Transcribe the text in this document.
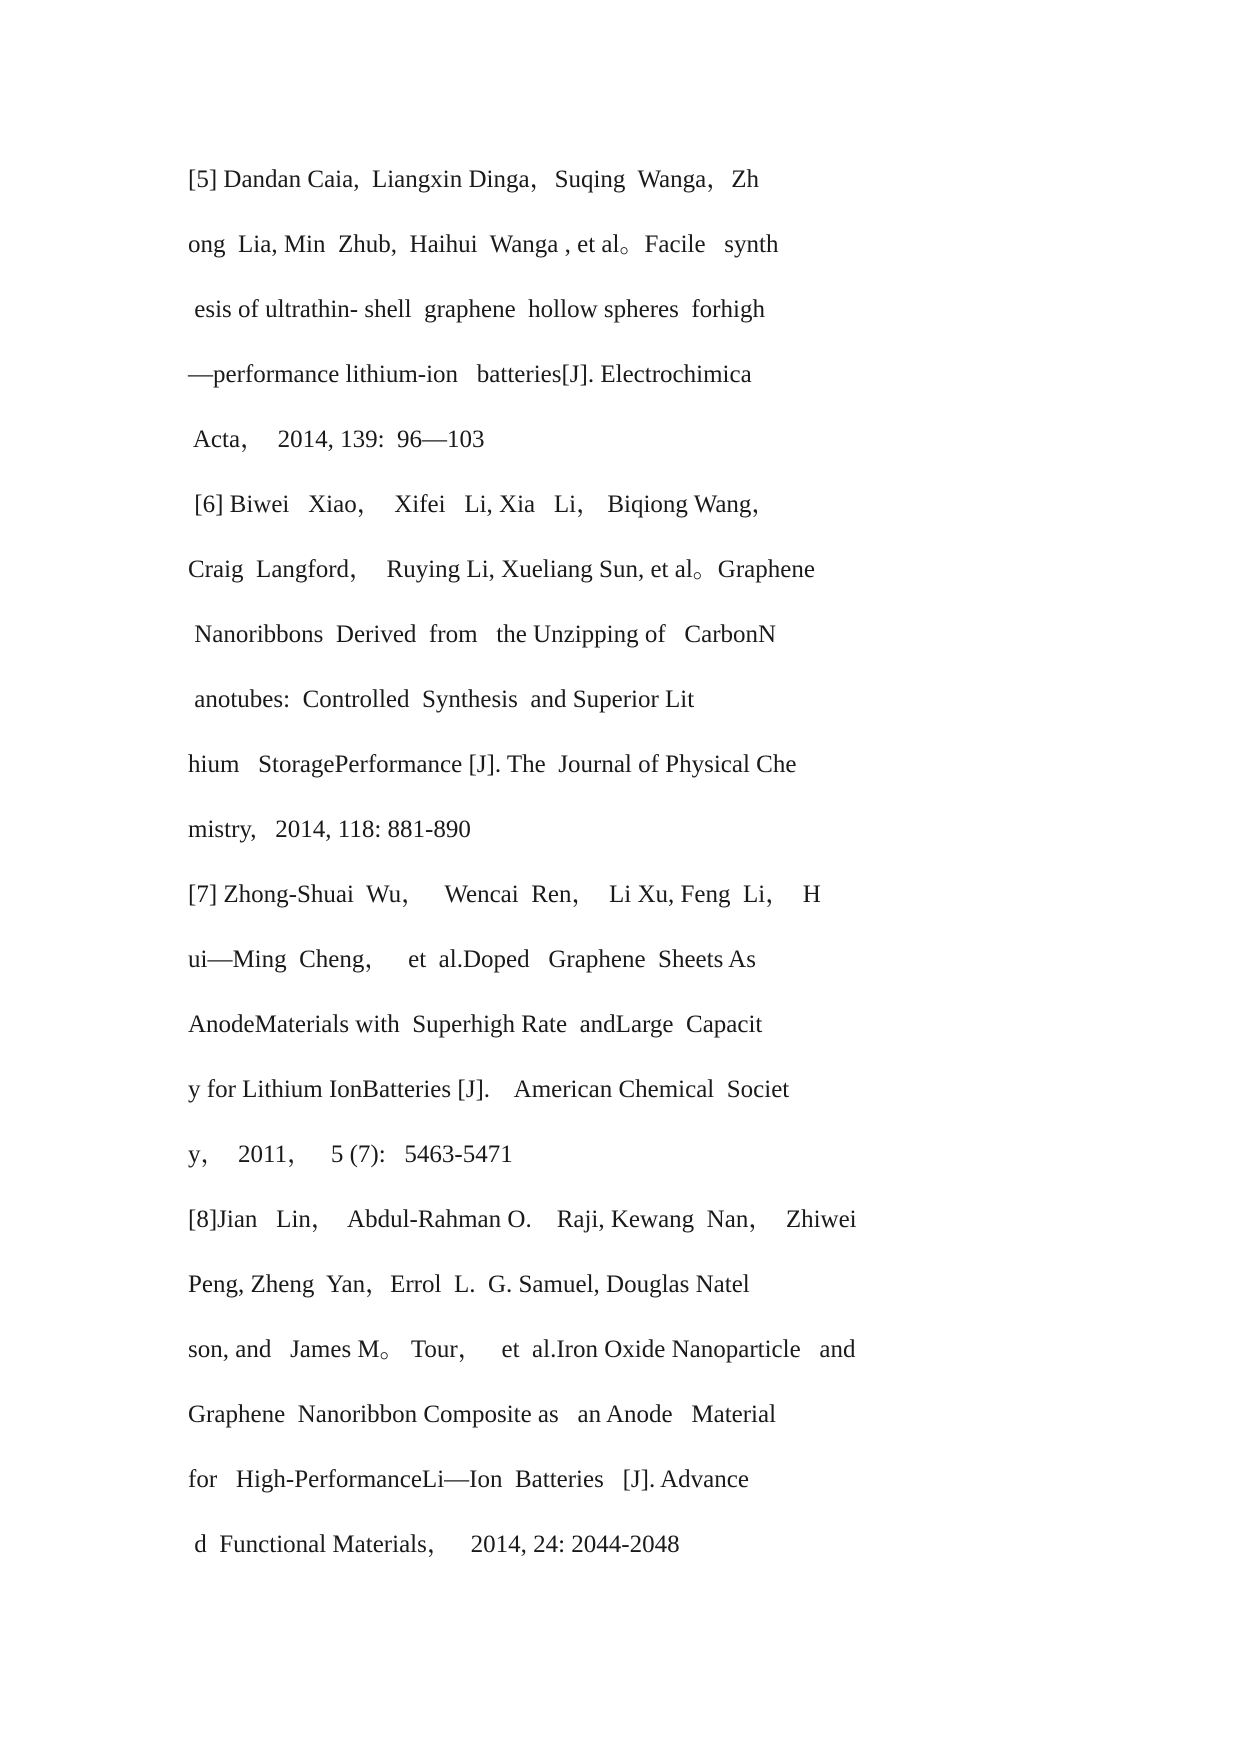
[5] Dandan Caia,  Liangxin Dinga，Suqing  Wanga，Zh
ong  Lia, Min  Zhub,  Haihui  Wanga , et al。Facile   synth
esis of ultrathin- shell  graphene  hollow spheres  forhigh
—performance lithium-ion   batteries[J]. Electrochimica
Acta，  2014, 139:  96—103
[6] Biwei   Xiao，  Xifei   Li, Xia   Li， Biqiong Wang，
Craig  Langford，  Ruying Li, Xueliang Sun, et al。Graphene
Nanoribbons  Derived  from   the Unzipping of   CarbonN
anotubes:  Controlled  Synthesis  and Superior Lit
hium   StoragePerformance [J]. The  Journal of Physical Che
mistry,   2014, 118: 881-890
[7] Zhong-Shuai  Wu，   Wencai  Ren，  Li Xu, Feng  Li，  H
ui—Ming  Cheng，   et  al.Doped   Graphene  Sheets As
AnodeMaterials with  Superhigh Rate  andLarge  Capacit
y for Lithium IonBatteries [J].    American Chemical  Societ
y，  2011，   5 (7):   5463-5471
[8]Jian   Lin，  Abdul-Rahman O.    Raji, Kewang  Nan，  Zhiwei
Peng, Zheng  Yan，Errol  L.  G. Samuel, Douglas Natel
son, and   James M。 Tour，   et  al.Iron Oxide Nanoparticle   and
Graphene  Nanoribbon Composite as   an Anode   Material
for   High-PerformanceLi—Ion  Batteries   [J]. Advance
d  Functional Materials，   2014, 24: 2044-2048
